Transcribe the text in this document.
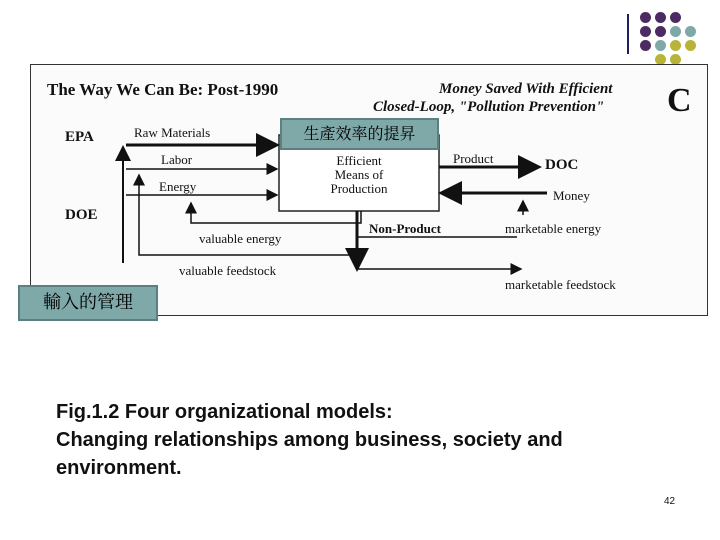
The Way We Can Be: Post-1990	Money Saved With Efficient
Closed-Loop, "Pollution Prevention" C
EPA
DOE
DOC
Efficient
Means of
Production
Raw Materials
Labor
Energy
Product
Money
Non-Product
valuable energy
valuable feedstock
marketable energy
marketable feedstock
生產效率的提昇
輸入的管理
Fig.1.2 Four organizational models:
Changing relationships among business, society and
environment.
42
